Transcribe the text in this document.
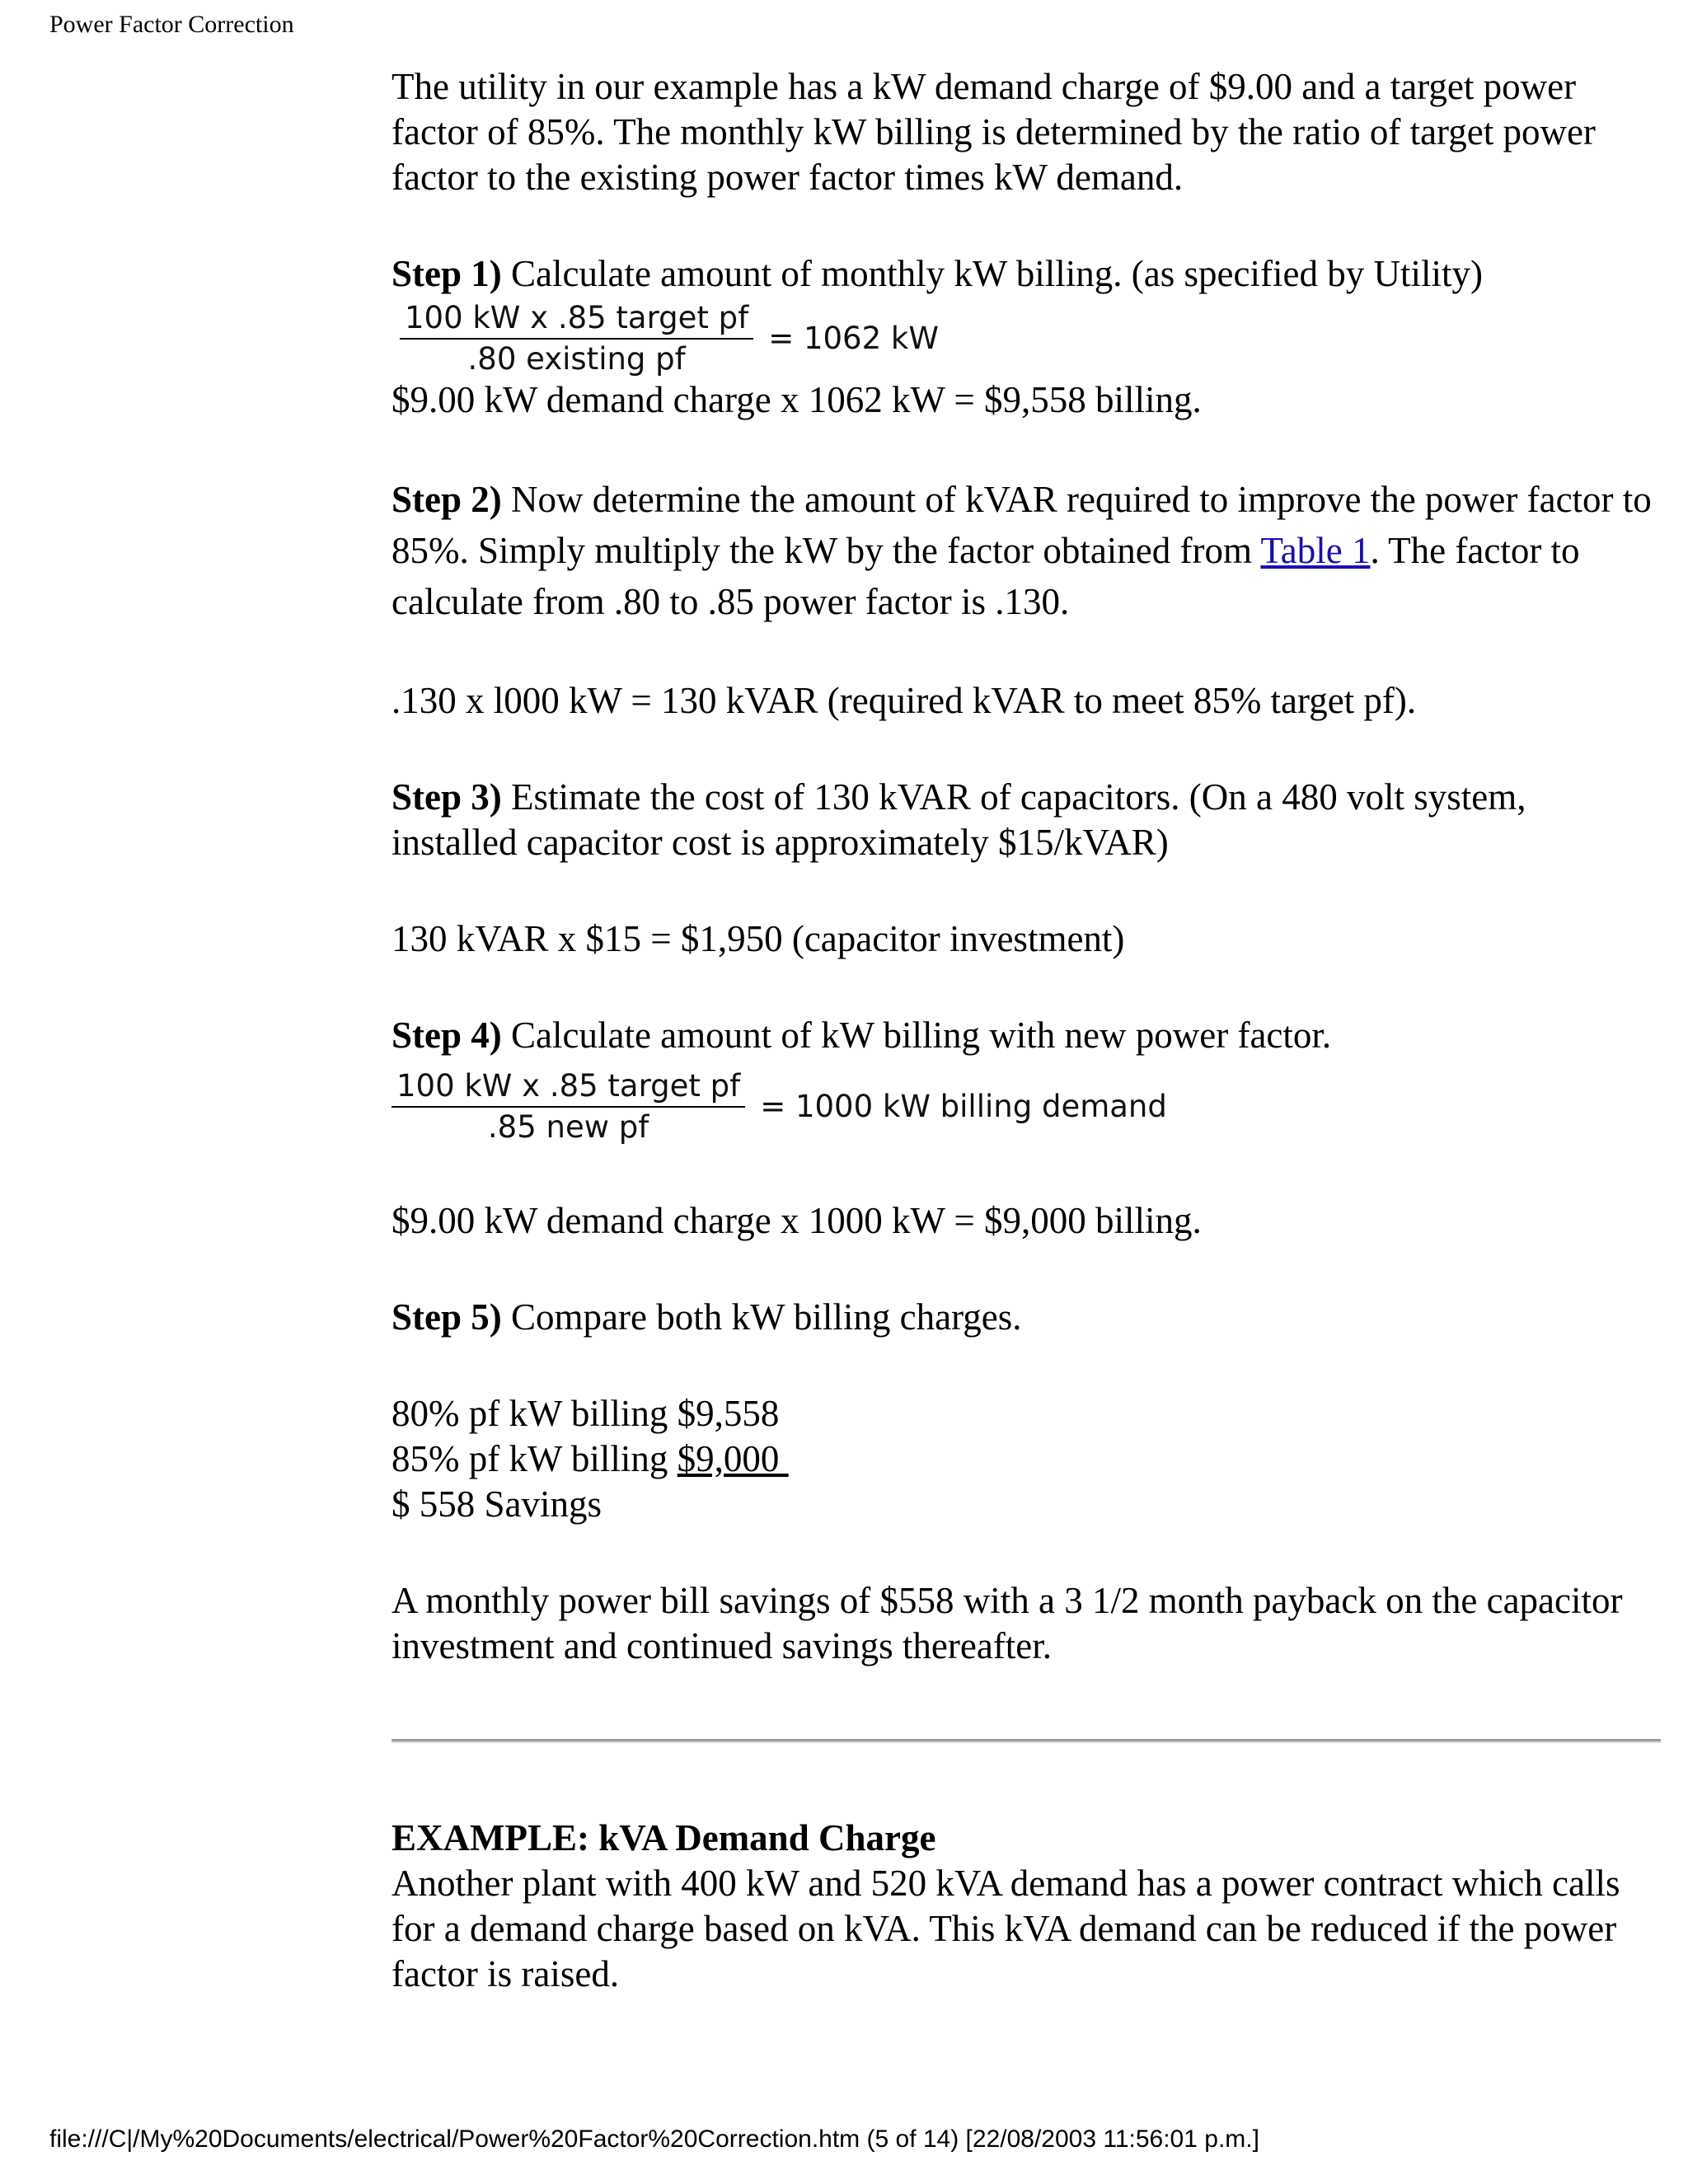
Power Factor Correction

The utility in our example has a kW demand charge of $9.00 and a target power factor of 85%. The monthly kW billing is determined by the ratio of target power factor to the existing power factor times kW demand.

Step 1) Calculate amount of monthly kW billing. (as specified by Utility)

$\frac{\text{100 kW x .85 target pf}}{\text{.80 existing pf}} = 1062$ kW

$9.00 kW demand charge x 1062 kW = $9,558 billing.

Step 2) Now determine the amount of kVAR required to improve the power factor to 85%. Simply multiply the kW by the factor obtained from Table 1. The factor to calculate from .80 to .85 power factor is .130.

.130 x l000 kW = 130 kVAR (required kVAR to meet 85% target pf).

Step 3) Estimate the cost of 130 kVAR of capacitors. (On a 480 volt system, installed capacitor cost is approximately $15/kVAR)

130 kVAR x $15 = $1,950 (capacitor investment)

Step 4) Calculate amount of kW billing with new power factor.

$\frac{\text{100 kW x .85 target pf}}{\text{.85 new pf}} = 1000$ kW billing demand

$9.00 kW demand charge x 1000 kW = $9,000 billing.

Step 5) Compare both kW billing charges.

80% pf kW billing $9,558

85% pf kW billing $9,000

$ 558 Savings

A monthly power bill savings of $558 with a 3 1/2 month payback on the capacitor investment and continued savings thereafter.

EXAMPLE: kVA Demand Charge

Another plant with 400 kW and 520 kVA demand has a power contract which calls for a demand charge based on kVA. This kVA demand can be reduced if the power factor is raised.

file:///C|/My%20Documents/electrical/Power%20Factor%20Correction.htm (5 of 14) [22/08/2003 11:56:01 p.m.]
